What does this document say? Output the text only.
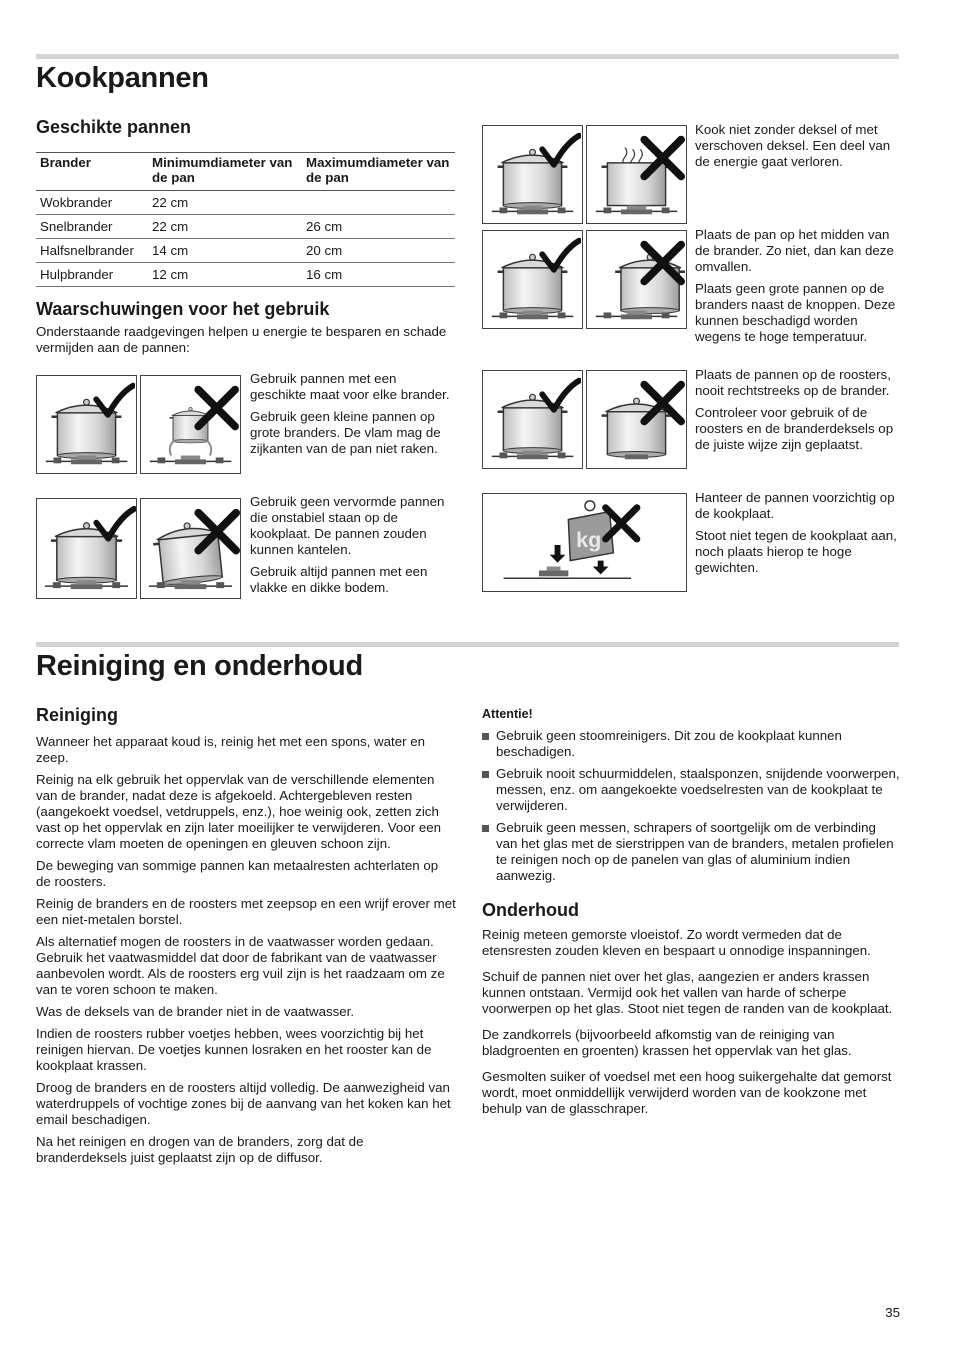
Kookpannen
Geschikte pannen
Brander	Minimumdiameter van de pan	Maximumdiameter van de pan
Wokbrander	22 cm	
Snelbrander	22 cm	26 cm
Halfsnelbrander	14 cm	20 cm
Hulpbrander	12 cm	16 cm
Waarschuwingen voor het gebruik
Onderstaande raadgevingen helpen u energie te besparen en schade vermijden aan de pannen:

Gebruik pannen met een geschikte maat voor elke brander.

Gebruik geen kleine pannen op grote branders. De vlam mag de zijkanten van de pan niet raken.

Gebruik geen vervormde pannen die onstabiel staan op de kookplaat. De pannen zouden kunnen kantelen.

Gebruik altijd pannen met een vlakke en dikke bodem.

Kook niet zonder deksel of met verschoven deksel. Een deel van de energie gaat verloren.

Plaats de pan op het midden van de brander. Zo niet, dan kan deze omvallen.

Plaats geen grote pannen op de branders naast de knoppen. Deze kunnen beschadigd worden wegens te hoge temperatuur.

Plaats de pannen op de roosters, nooit rechtstreeks op de brander.

Controleer voor gebruik of de roosters en de branderdeksels op de juiste wijze zijn geplaatst.

kg

Hanteer de pannen voorzichtig op de kookplaat.

Stoot niet tegen de kookplaat aan, noch plaats hierop te hoge gewichten.

Reiniging en onderhoud
Reiniging

Wanneer het apparaat koud is, reinig het met een spons, water en zeep.

Reinig na elk gebruik het oppervlak van de verschillende elementen van de brander, nadat deze is afgekoeld. Achtergebleven resten (aangekoekt voedsel, vetdruppels, enz.), hoe weinig ook, zetten zich vast op het oppervlak en zijn later moeilijker te verwijderen. Voor een correcte vlam moeten de openingen en gleuven schoon zijn.

De beweging van sommige pannen kan metaalresten achterlaten op de roosters.

Reinig de branders en de roosters met zeepsop en een wrijf erover met een niet-metalen borstel.

Als alternatief mogen de roosters in de vaatwasser worden gedaan. Gebruik het vaatwasmiddel dat door de fabrikant van de vaatwasser aanbevolen wordt. Als de roosters erg vuil zijn is het raadzaam om ze van te voren schoon te maken.

Was de deksels van de brander niet in de vaatwasser.

Indien de roosters rubber voetjes hebben, wees voorzichtig bij het reinigen hiervan. De voetjes kunnen losraken en het rooster kan de kookplaat krassen.

Droog de branders en de roosters altijd volledig. De aanwezigheid van waterdruppels of vochtige zones bij de aanvang van het koken kan het email beschadigen.

Na het reinigen en drogen van de branders, zorg dat de branderdeksels juist geplaatst zijn op de diffusor.

Attentie!
Gebruik geen stoomreinigers. Dit zou de kookplaat kunnen beschadigen.
Gebruik nooit schuurmiddelen, staalsponzen, snijdende voorwerpen, messen, enz. om aangekoekte voedselresten van de kookplaat te verwijderen.
Gebruik geen messen, schrapers of soortgelijk om de verbinding van het glas met de sierstrippen van de branders, metalen profielen te reinigen noch op de panelen van glas of aluminium indien aanwezig.
Onderhoud

Reinig meteen gemorste vloeistof. Zo wordt vermeden dat de etensresten zouden kleven en bespaart u onnodige inspanningen.

Schuif de pannen niet over het glas, aangezien er anders krassen kunnen ontstaan. Vermijd ook het vallen van harde of scherpe voorwerpen op het glas. Stoot niet tegen de randen van de kookplaat.

De zandkorrels (bijvoorbeeld afkomstig van de reiniging van bladgroenten en groenten) krassen het oppervlak van het glas.

Gesmolten suiker of voedsel met een hoog suikergehalte dat gemorst wordt, moet onmiddellijk verwijderd worden van de kookzone met behulp van de glasschraper.

35
